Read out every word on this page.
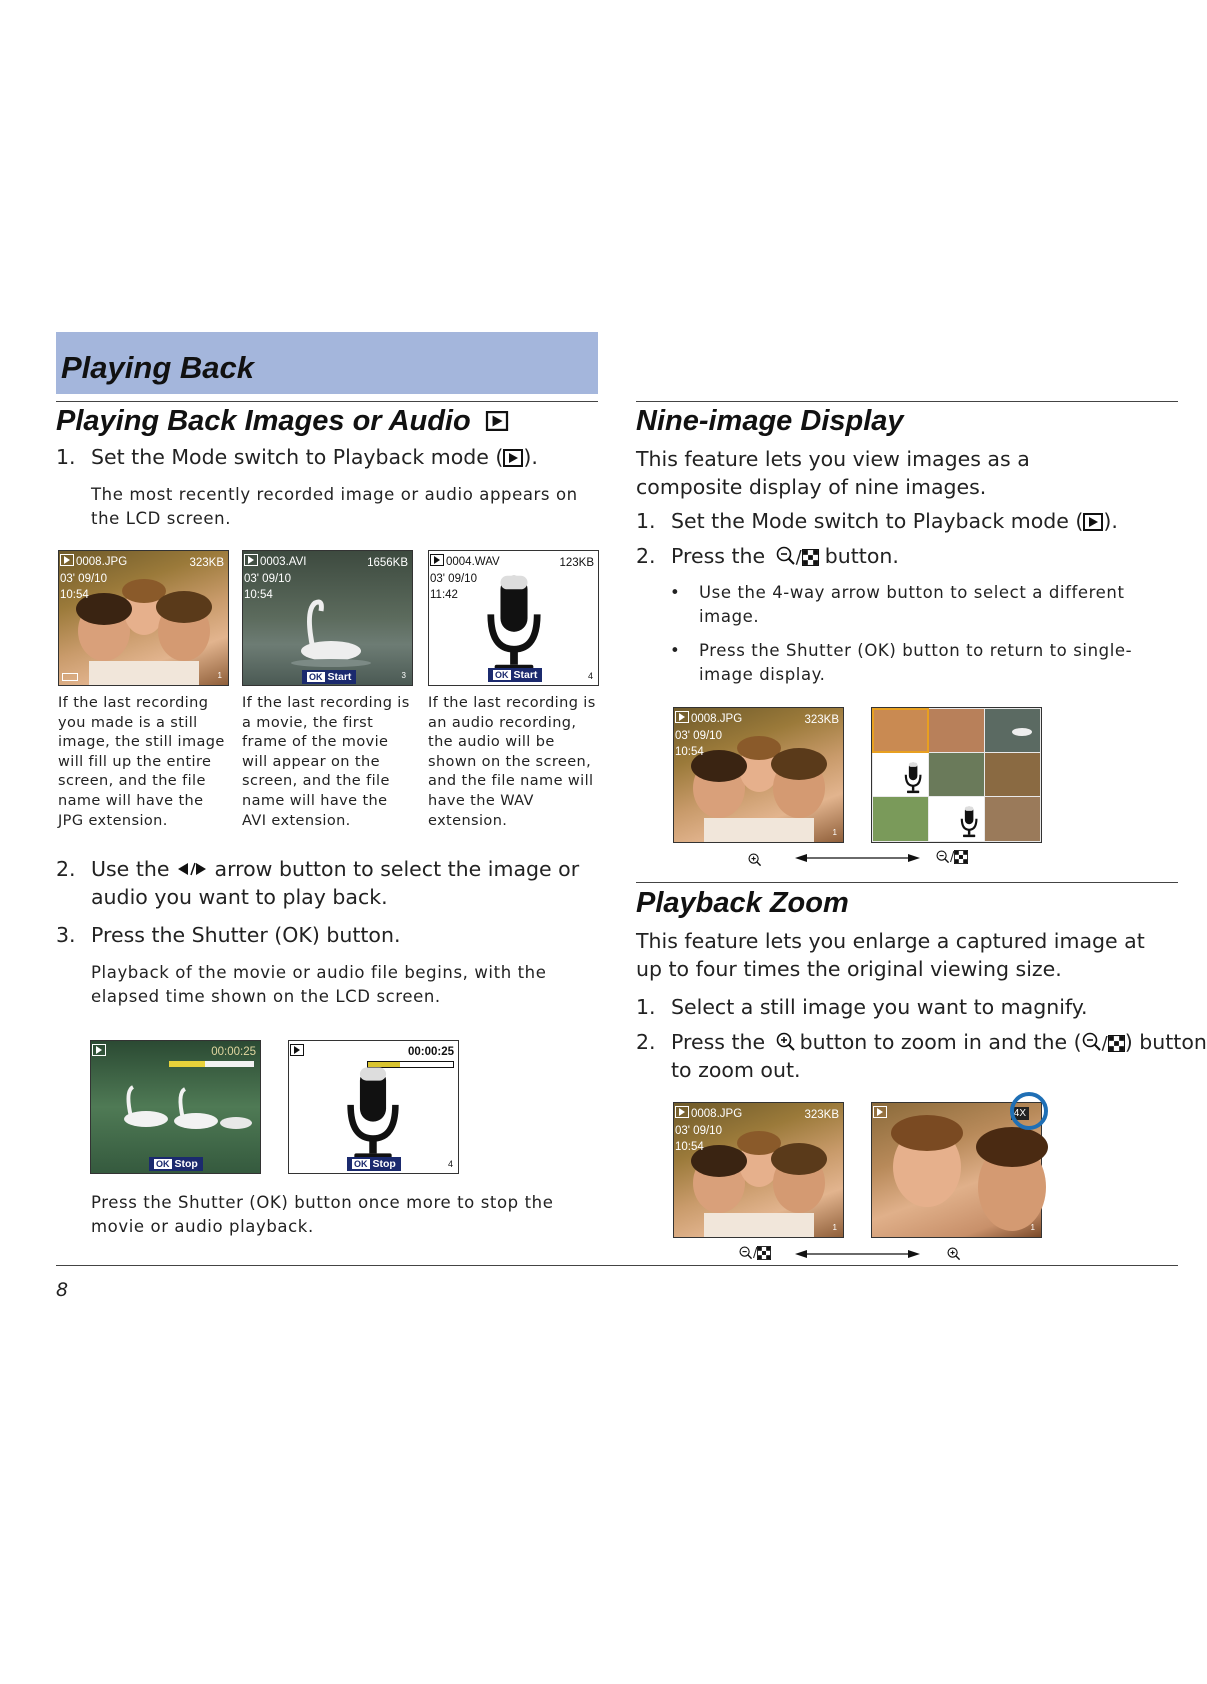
Playing Back
Playing Back Images or Audio
1. Set the Mode switch to Playback mode ( ).
The most recently recorded image or audio appears on the LCD screen.
0008.JPG	323KB
03' 09/10
10:54
1
0003.AVI	1656KB
03' 09/10
10:54
OK Start	3
0004.WAV	123KB
03' 09/10
11:42
OK Start	4
If the last recording you made is a still image, the still image will fill up the entire screen, and the file name will have the JPG extension.
If the last recording is a movie, the first frame of the movie will appear on the screen, and the file name will have the AVI extension.
If the last recording is an audio recording, the audio will be shown on the screen, and the file name will have the WAV extension.
2. Use the arrow button to select the image or
audio you want to play back.
3. Press the Shutter (OK) button.
Playback of the movie or audio file begins, with the elapsed time shown on the LCD screen.
00:00:25
OK Stop
00:00:25
OK Stop	4
Press the Shutter (OK) button once more to stop the movie or audio playback.
Nine-image Display
This feature lets you view images as a composite display of nine images.
1. Set the Mode switch to Playback mode ( ).
2. Press the / button.
• Use the 4-way arrow button to select a different image.
• Press the Shutter (OK) button to return to single-image display.
0008.JPG	323KB
03' 09/10
10:54
1
/
Playback Zoom
This feature lets you enlarge a captured image at up to four times the original viewing size.
1. Select a still image you want to magnify.
2. Press the button to zoom in and the ( / ) button
to zoom out.
0008.JPG	323KB
03' 09/10
10:54
1	1
4X
/
8
